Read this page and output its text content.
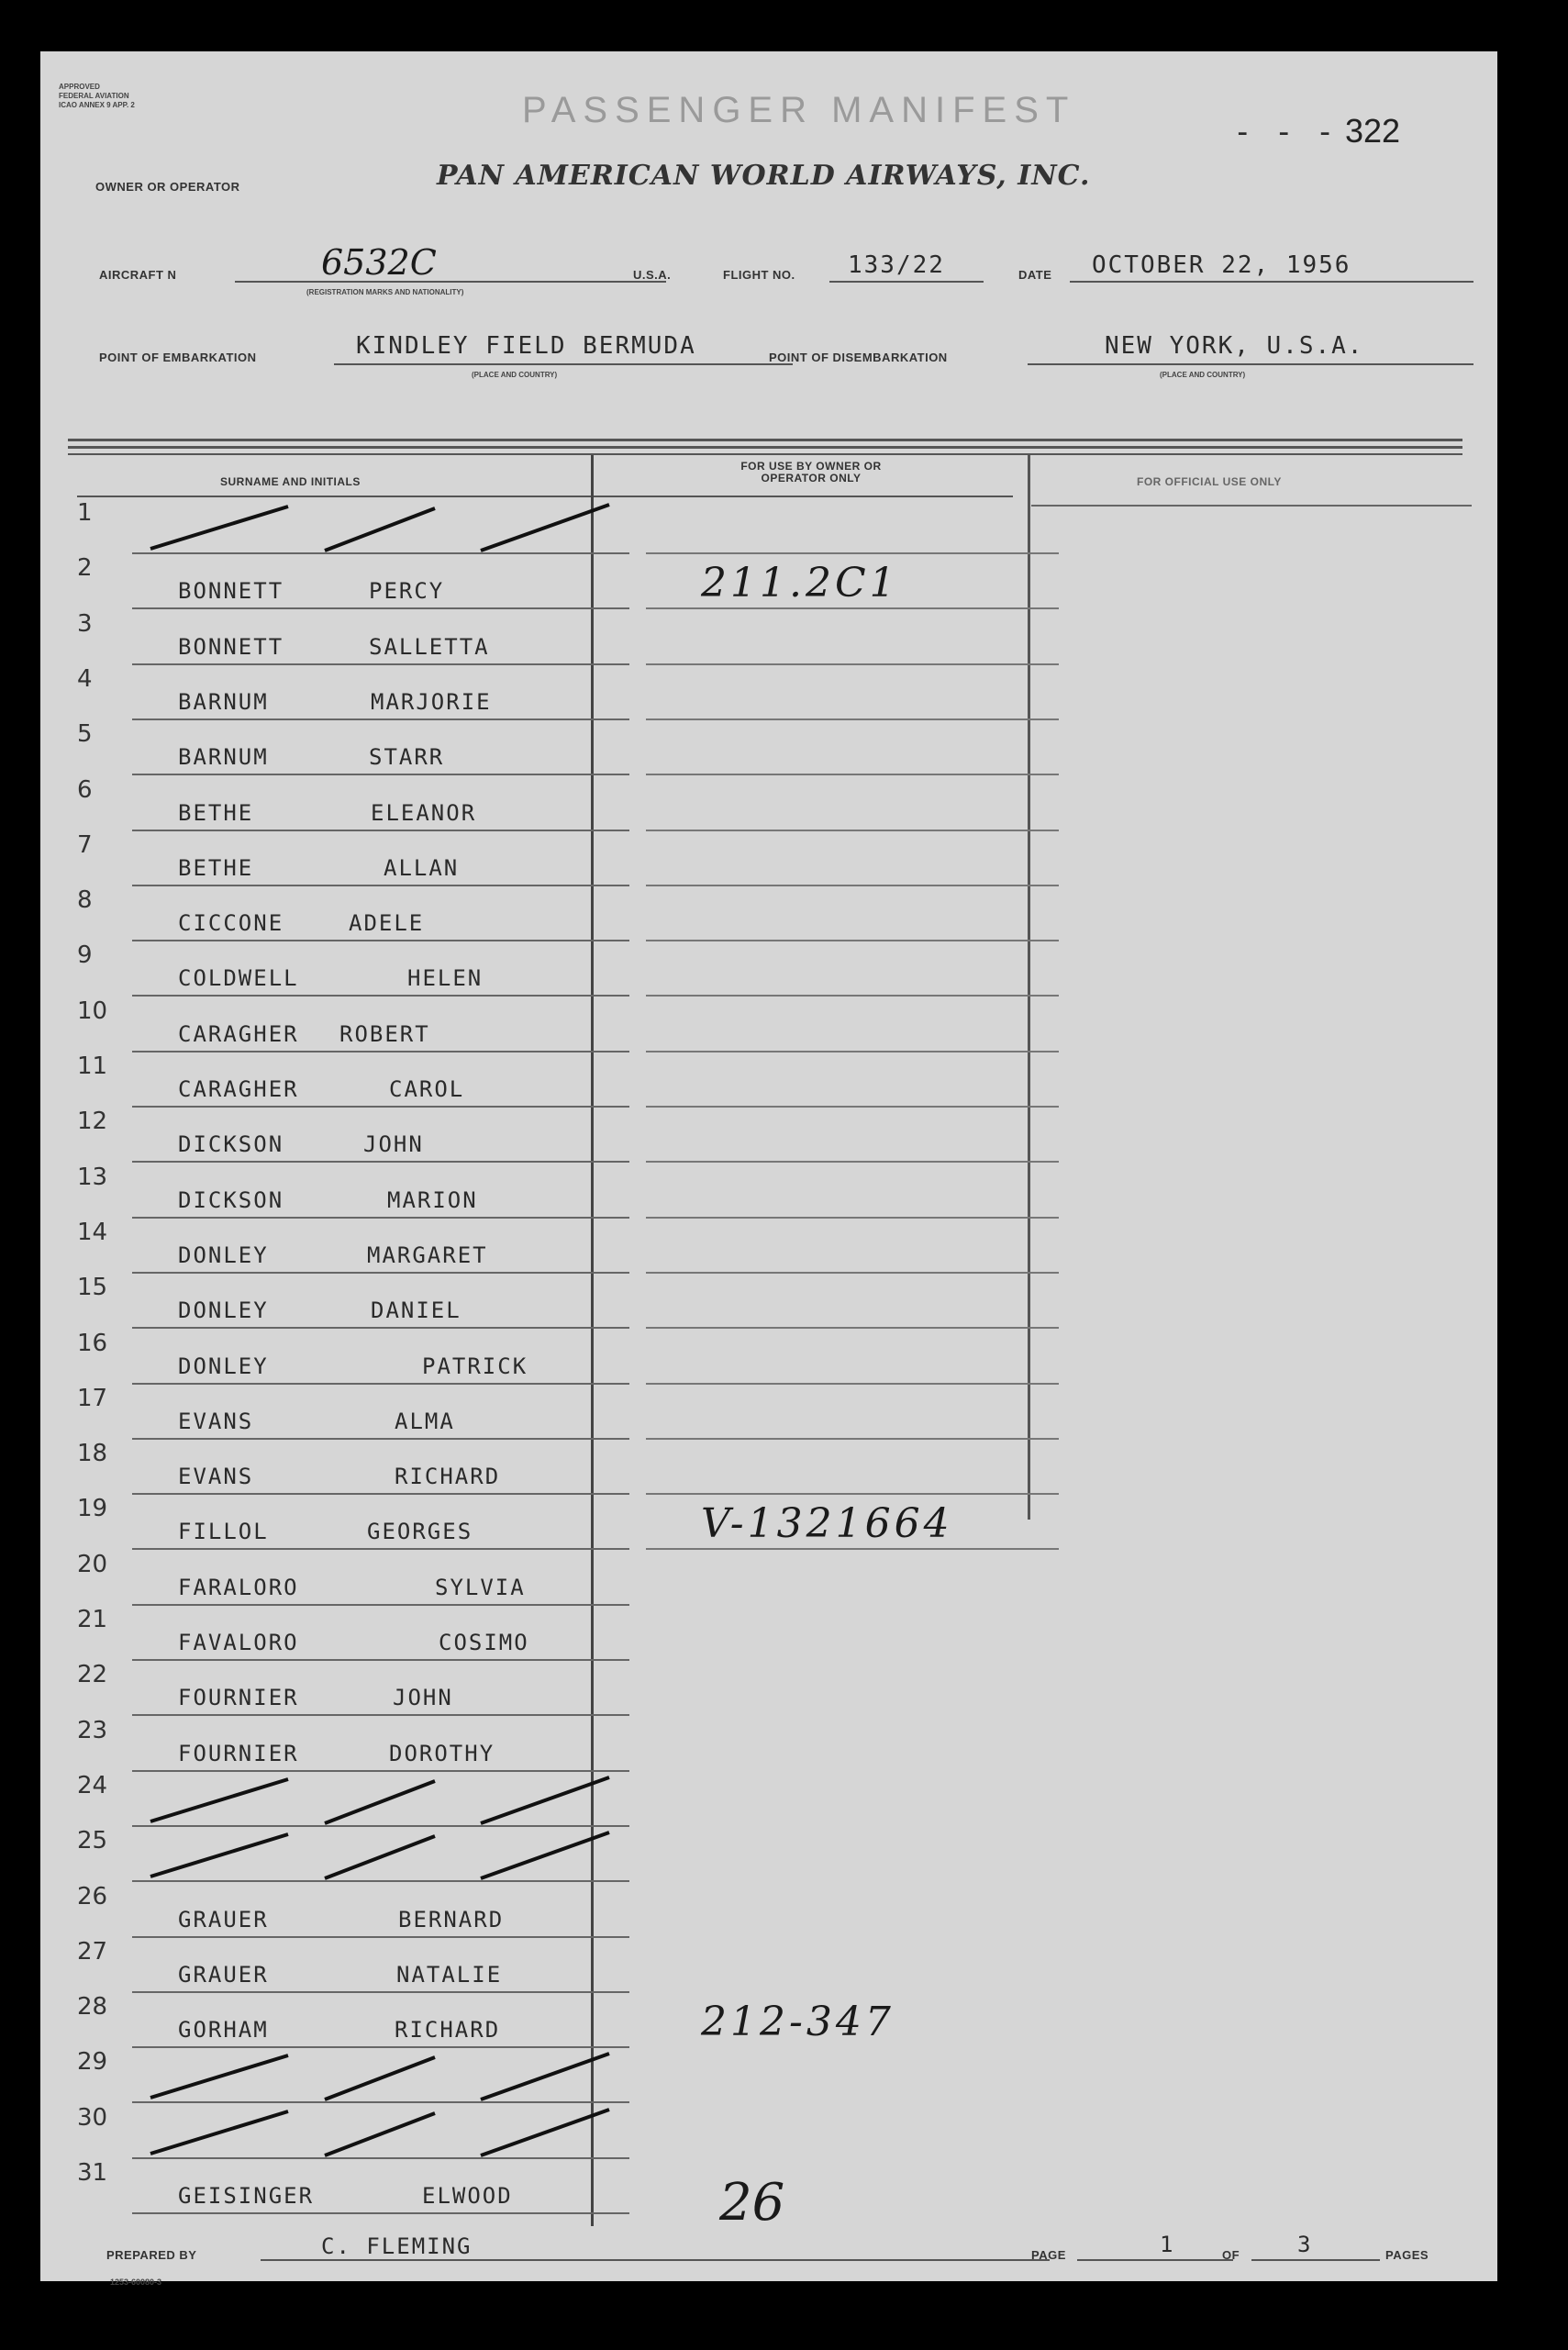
APPROVED
FEDERAL AVIATION
ICAO ANNEX 9 APP. 2	PASSENGER MANIFEST
- - - 322
OWNER OR OPERATOR	PAN AMERICAN WORLD AIRWAYS, INC.
AIRCRAFT N	6532C
(REGISTRATION MARKS AND NATIONALITY)
U.S.A.	FLIGHT NO. 133/22	DATE OCTOBER 22, 1956
POINT OF EMBARKATION	KINDLEY FIELD BERMUDA
(PLACE AND COUNTRY)
POINT OF DISEMBARKATION	NEW YORK, U.S.A.
(PLACE AND COUNTRY)
SURNAME AND INITIALS
FOR USE BY OWNER OR OPERATOR ONLY	FOR OFFICIAL USE ONLY
1
2
BONNETT	PERCY	211.2C1
3
BONNETT	SALLETTA
4
BARNUM	MARJORIE
5
BARNUM	STARR
6
BETHE	ELEANOR
7
BETHE	ALLAN
8
CICCONE	ADELE
9
COLDWELL	HELEN
10
CARAGHER ROBERT
11
CARAGHER	CAROL
12
DICKSON	JOHN
13
DICKSON	MARION
14
DONLEY	MARGARET
15
DONLEY	DANIEL
16
DONLEY	PATRICK
17
EVANS	ALMA
18
EVANS	RICHARD
19
FILLOL	GEORGES	V-1321664
20
FARALORO	SYLVIA
21
FAVALORO	COSIMO
22
FOURNIER	JOHN
23
FOURNIER	DOROTHY
24
25
26
GRAUER	BERNARD
27
GRAUER	NATALIE
28
GORHAM	RICHARD	212-347
29
30
31
GEISINGER	ELWOOD	26
PREPARED BY	C. FLEMING	PAGE	1	OF	3	PAGES
1253-60080-3
